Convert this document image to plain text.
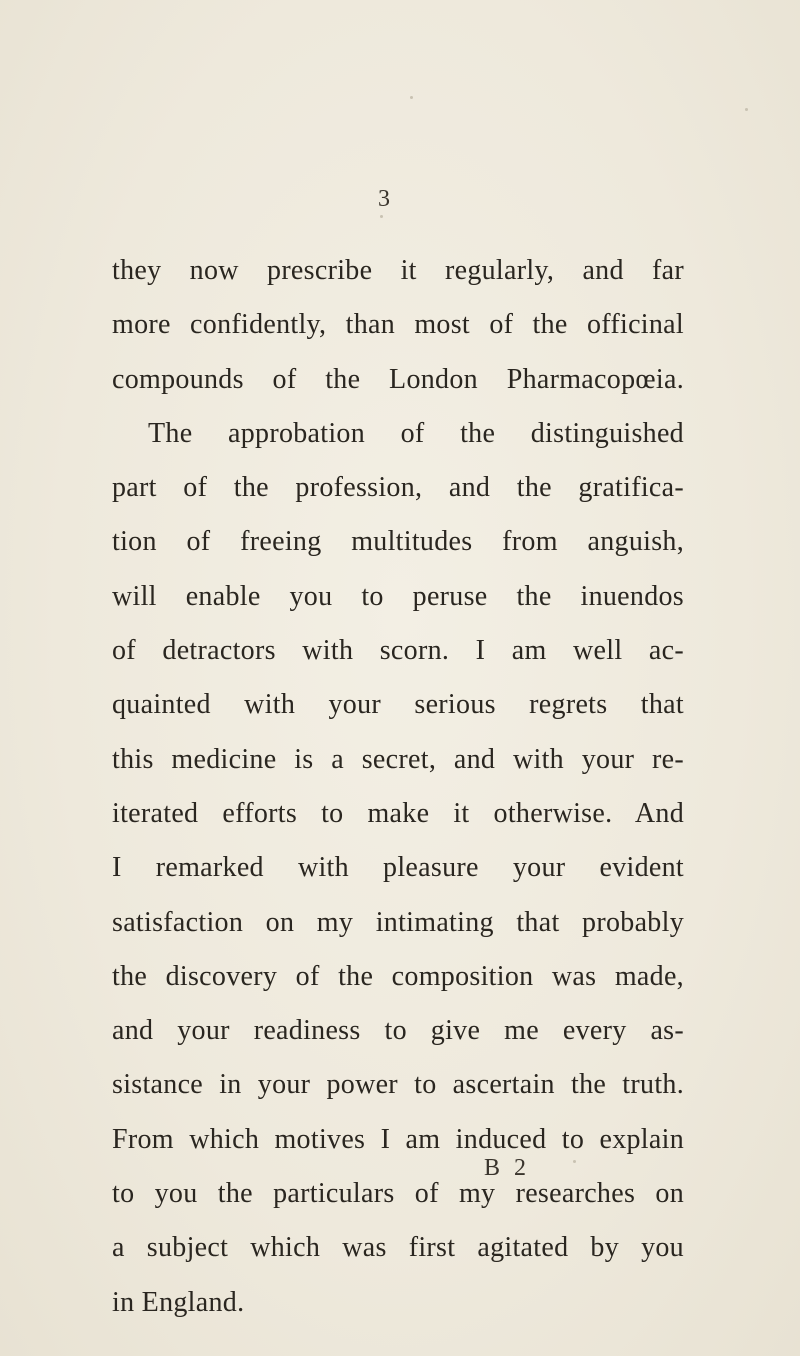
3
they now prescribe it regularly, and far
more confidently, than most of the officinal
compounds of the London Pharmacopœia.
The approbation of the distinguished
part of the profession, and the gratifica-
tion of freeing multitudes from anguish,
will enable you to peruse the inuendos
of detractors with scorn. I am well ac-
quainted with your serious regrets that
this medicine is a secret, and with your re-
iterated efforts to make it otherwise. And
I remarked with pleasure your evident
satisfaction on my intimating that probably
the discovery of the composition was made,
and your readiness to give me every as-
sistance in your power to ascertain the truth.
From which motives I am induced to explain
to you the particulars of my researches on
a subject which was first agitated by you
in England.
B 2
